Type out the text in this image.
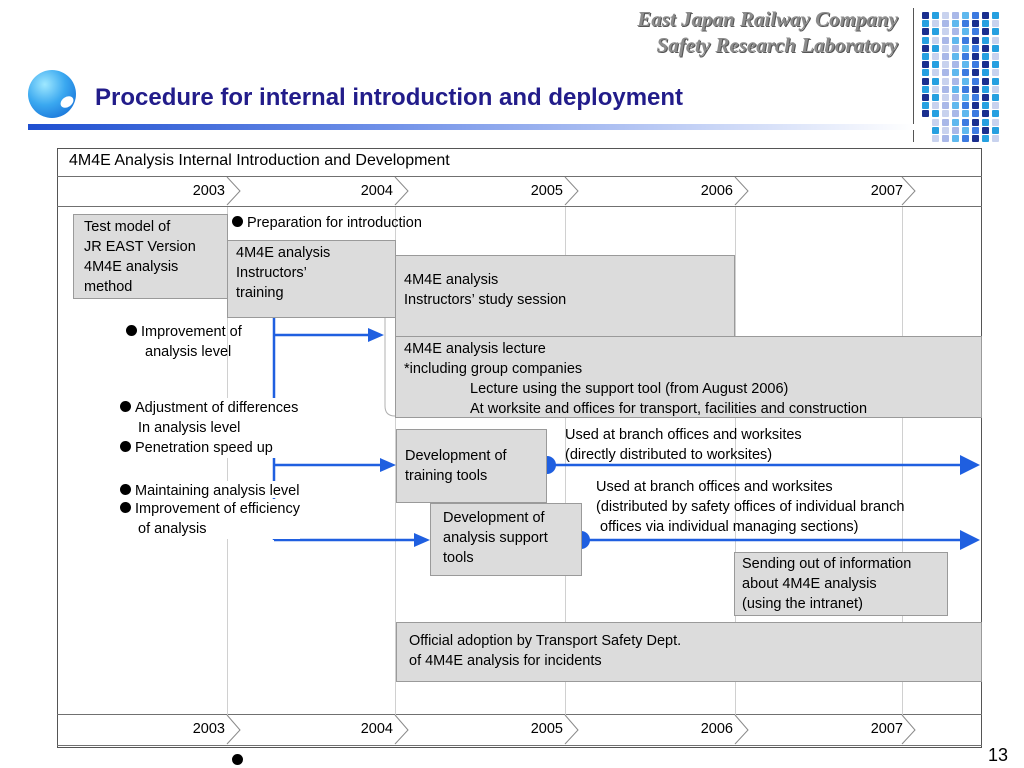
East Japan Railway Company
Safety Research Laboratory
Procedure for internal introduction and deployment
4M4E Analysis Internal Introduction and Development
2003	2004	2005	2006	2007
2003	2004	2005	2006	2007
Test model of
JR EAST Version
4M4E analysis
method
Preparation for introduction
4M4E analysis
Instructors’
training
4M4E analysis
Instructors’ study session
Improvement of
analysis level	4M4E analysis lecture
*including group companies
Lecture using the support tool (from August 2006)
At worksite and offices for transport, facilities and construction
Adjustment of differences
In analysis level
Penetration speed up	Development of
training tools
Used at branch offices and worksites
(directly distributed to worksites)
Maintaining analysis level
Improvement of efficiency
of analysis
Used at branch offices and worksites
(distributed by safety offices of individual branch
offices via individual managing sections)
Development of
analysis support
tools	Sending out of information
about 4M4E analysis
(using the intranet)
Official adoption by Transport Safety Dept.
of 4M4E analysis for incidents
13
